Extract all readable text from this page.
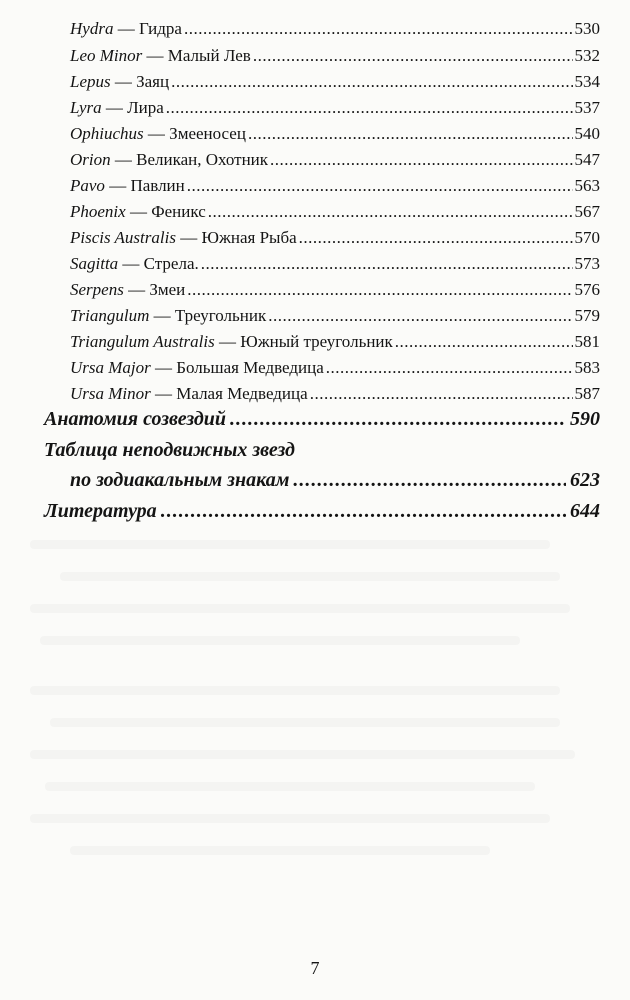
Hydra — Гидра .....	530
Leo Minor — Малый Лев .....	532
Lepus — Заяц .....	534
Lyra — Лира .....	537
Ophiuchus — Змееносец .....	540
Orion — Великан, Охотник .....	547
Pavo — Павлин .....	563
Phoenix — Феникс .....	567
Piscis Australis — Южная Рыба .....	570
Sagitta — Стрела. .....	573
Serpens — Змеи .....	576
Triangulum — Треугольник .....	579
Triangulum Australis — Южный треугольник .....	581
Ursa Major — Большая Медведица .....	583
Ursa Minor — Малая Медведица .....	587
Анатомия созвездий .....	590
Таблица неподвижных звезд
по зодиакальным знакам .....	623
Литература .....	644
7
